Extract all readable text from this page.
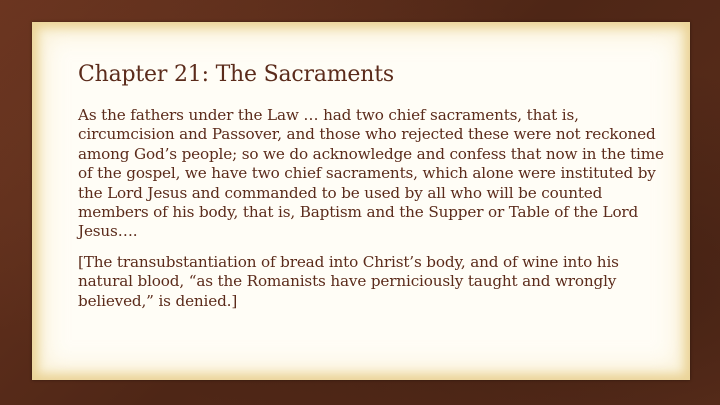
Chapter 21: The Sacraments

As the fathers under the Law … had two chief sacraments, that is, circumcision and Passover, and those who rejected these were not reckoned among God’s people; so we do acknowledge and confess that now in the time of the gospel, we have two chief sacraments, which alone were instituted by the Lord Jesus and commanded to be used by all who will be counted members of his body, that is, Baptism and the Supper or Table of the Lord Jesus….

[The transubstantiation of bread into Christ’s body, and of wine into his natural blood, “as the Romanists have perniciously taught and wrongly believed,” is denied.]
